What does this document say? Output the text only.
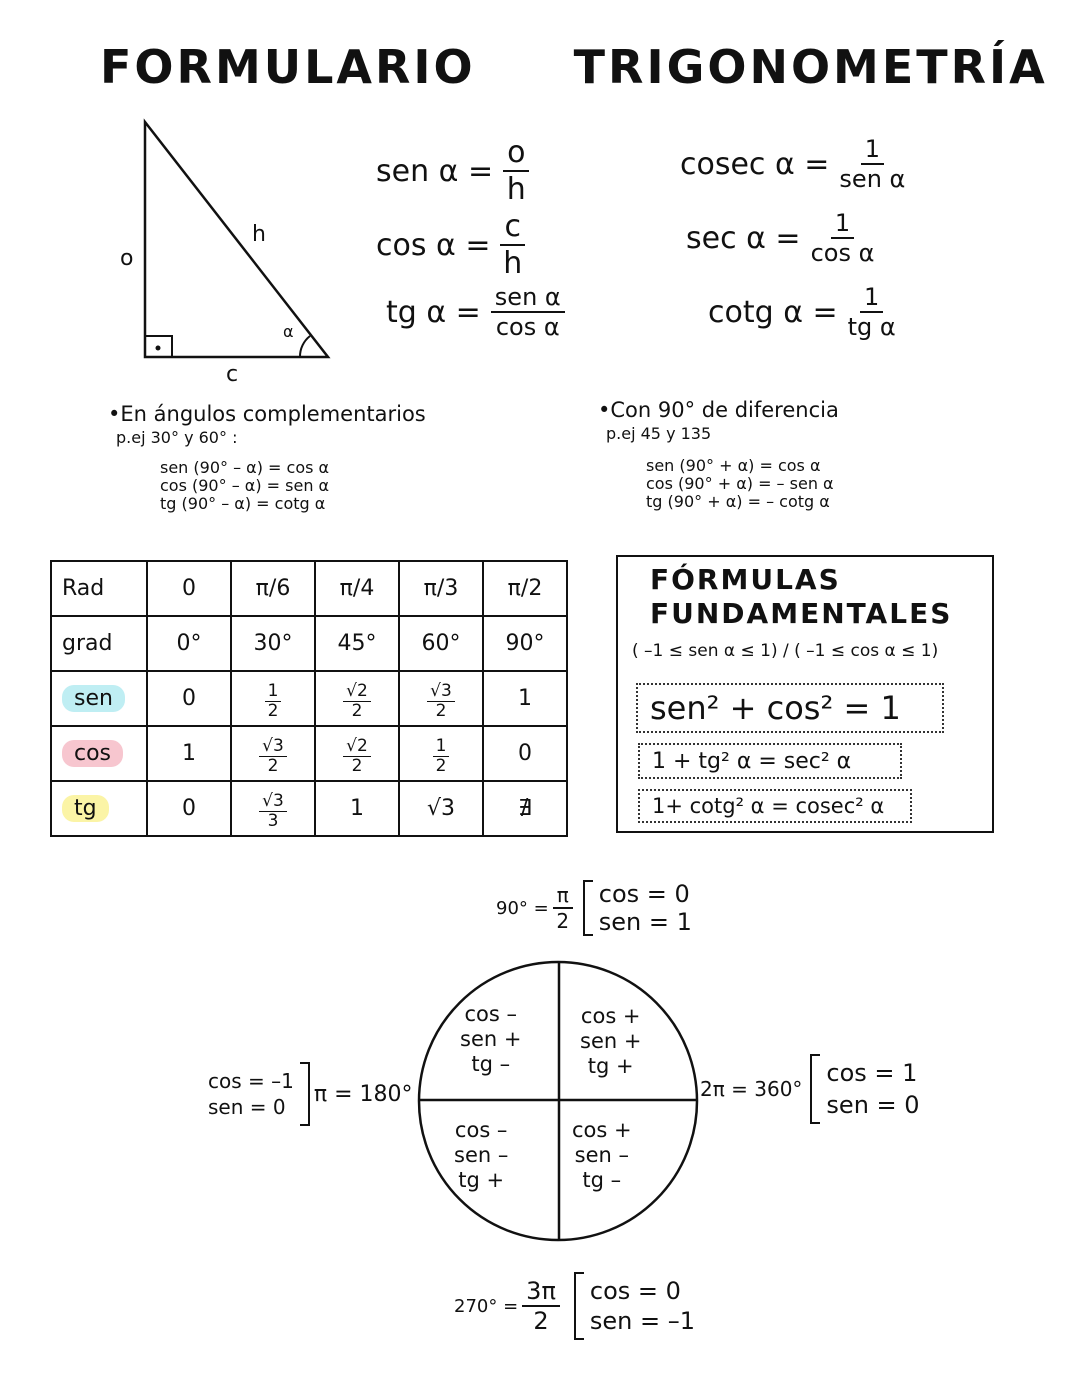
FORMULARIO TRIGONOMETRÍA
o
h
c
α
sen $\alpha = \frac{o}{h}$
$\cos \alpha = \frac{c}{h}$
tg $\alpha = \frac{\text{sen α}}{\text{cos α}}$
cosec $\alpha = \frac{1}{\text{sen α}}$
$\sec \alpha = \frac{1}{\text{cos α}}$
cotg $\alpha = \frac{1}{\text{tg α}}$
•En ángulos complementarios
p.ej 30° y 60° :
sen (90° – α) = cos α
cos (90° – α) = sen α
tg (90° – α) = cotg α
•Con 90° de diferencia
p.ej 45 y 135
sen (90° + α) = cos α
cos (90° + α) = – sen α
tg (90° + α) = – cotg α
Rad	0	π/6	π/4	π/3	π/2
grad	0°	30°	45°	60°	90°
sen	0	$\frac{1}{2}$	$\frac{√2}{2}$	$\frac{√3}{2}$	1
cos	1	$\frac{√3}{2}$	$\frac{√2}{2}$	$\frac{1}{2}$	0
tg	0	$\frac{√3}{3}$	1	√3	∄
FÓRMULAS
FUNDAMENTALES
( –1 ≤ sen α ≤ 1) / ( –1 ≤ cos α ≤ 1)
sen² + cos² = 1
1 + tg² α = sec² α
1+ cotg² α = cosec² α
cos –
sen +
tg –
cos +
sen +
tg +
cos –
sen –
tg +
cos +
sen –
tg –
$90^\circ = \frac{\pi}{2}$ cos = 0
sen = 1
cos = –1
sen = 0
π = 180°	2π = 360°
cos = 1
sen = 0
$270^\circ = \frac{3\pi}{2}$ cos = 0
sen = –1
